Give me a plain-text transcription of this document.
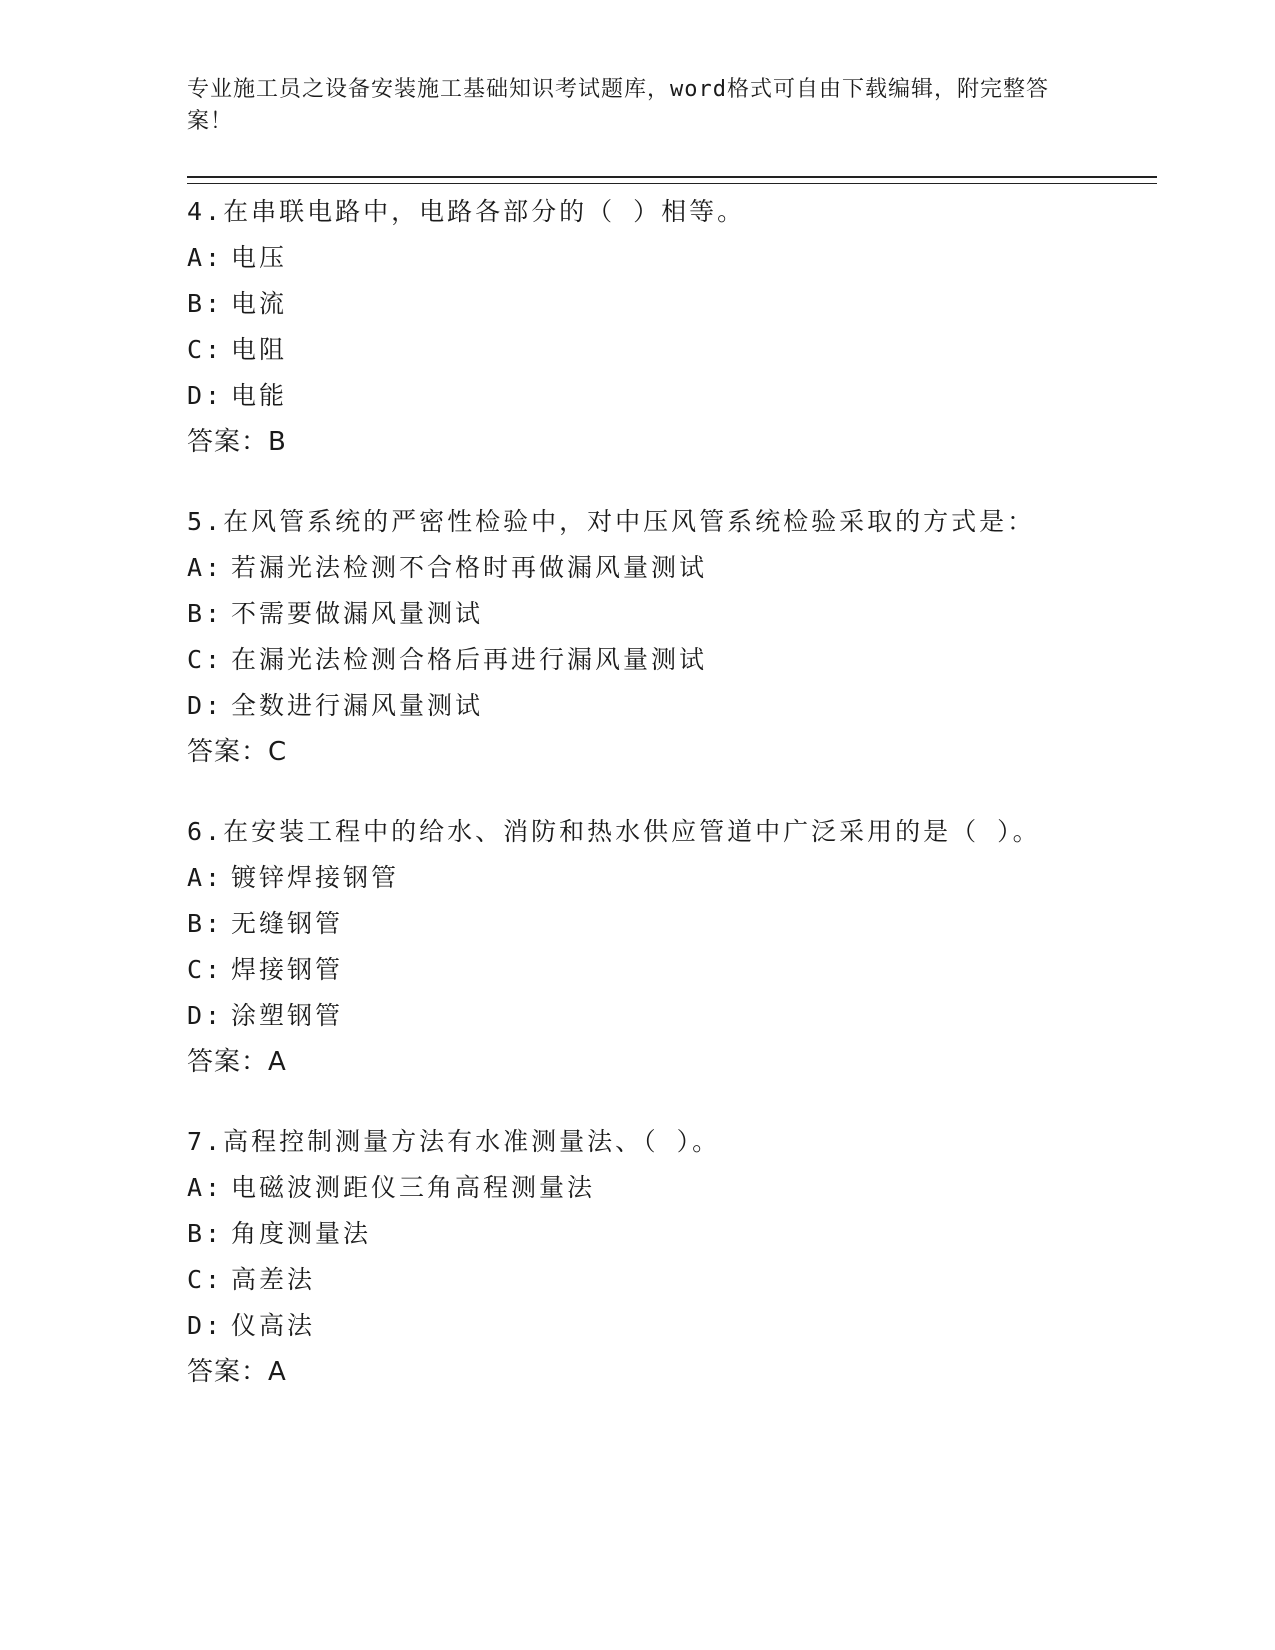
专业施工员之设备安装施工基础知识考试题库，word格式可自由下载编辑，附完整答案！
4.在串联电路中，电路各部分的（ ）相等。
A: 电压
B: 电流
C: 电阻
D: 电能
答案：B
5.在风管系统的严密性检验中，对中压风管系统检验采取的方式是：
A: 若漏光法检测不合格时再做漏风量测试
B: 不需要做漏风量测试
C: 在漏光法检测合格后再进行漏风量测试
D: 全数进行漏风量测试
答案：C
6.在安装工程中的给水、消防和热水供应管道中广泛采用的是（ ）。
A: 镀锌焊接钢管
B: 无缝钢管
C: 焊接钢管
D: 涂塑钢管
答案：A
7.高程控制测量方法有水准测量法、（ ）。
A: 电磁波测距仪三角高程测量法
B: 角度测量法
C: 高差法
D: 仪高法
答案：A
